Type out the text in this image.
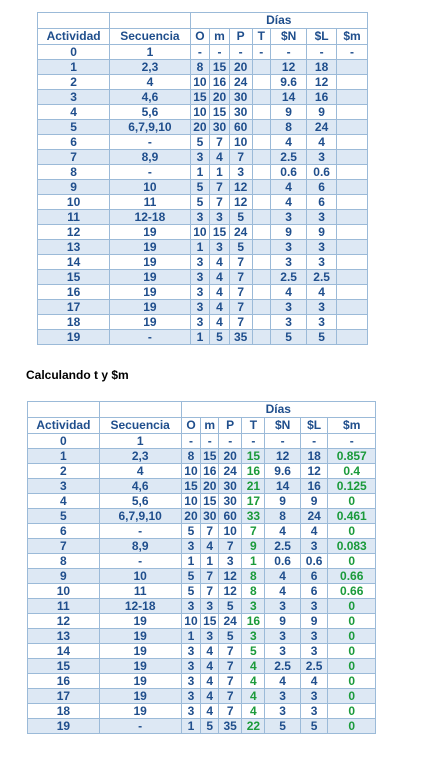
		Días						
Actividad	Secuencia	O	m	P	T	$N	$L	$m
0	1	-	-	-	-	-	-	-
1	2,3	8	15	20		12	18	
2	4	10	16	24		9.6	12	
3	4,6	15	20	30		14	16	
4	5,6	10	15	30		9	9	
5	6,7,9,10	20	30	60		8	24	
6	-	5	7	10		4	4	
7	8,9	3	4	7		2.5	3	
8	-	1	1	3		0.6	0.6	
9	10	5	7	12		4	6	
10	11	5	7	12		4	6	
11	12-18	3	3	5		3	3	
12	19	10	15	24		9	9	
13	19	1	3	5		3	3	
14	19	3	4	7		3	3	
15	19	3	4	7		2.5	2.5	
16	19	3	4	7		4	4	
17	19	3	4	7		3	3	
18	19	3	4	7		3	3	
19	-	1	5	35		5	5	
Calculando t y $m
		Días						
Actividad	Secuencia	O	m	P	T	$N	$L	$m
0	1	-	-	-	-	-	-	-
1	2,3	8	15	20	15	12	18	0.857
2	4	10	16	24	16	9.6	12	0.4
3	4,6	15	20	30	21	14	16	0.125
4	5,6	10	15	30	17	9	9	0
5	6,7,9,10	20	30	60	33	8	24	0.461
6	-	5	7	10	7	4	4	0
7	8,9	3	4	7	9	2.5	3	0.083
8	-	1	1	3	1	0.6	0.6	0
9	10	5	7	12	8	4	6	0.66
10	11	5	7	12	8	4	6	0.66
11	12-18	3	3	5	3	3	3	0
12	19	10	15	24	16	9	9	0
13	19	1	3	5	3	3	3	0
14	19	3	4	7	5	3	3	0
15	19	3	4	7	4	2.5	2.5	0
16	19	3	4	7	4	4	4	0
17	19	3	4	7	4	3	3	0
18	19	3	4	7	4	3	3	0
19	-	1	5	35	22	5	5	0
